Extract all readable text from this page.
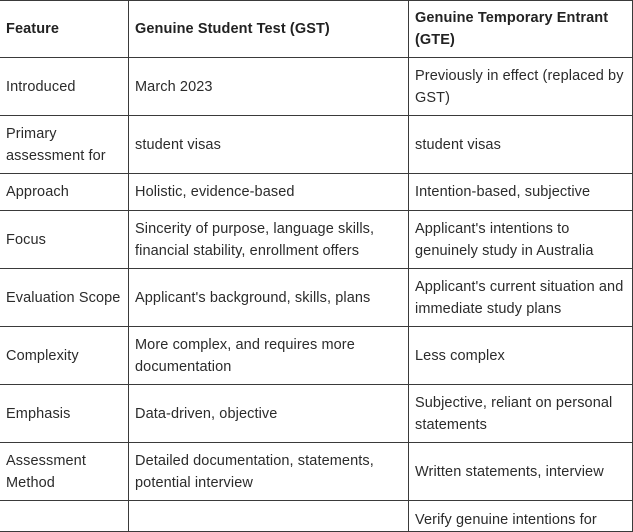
Feature	Genuine Student Test (GST)	Genuine Temporary Entrant (GTE)
Introduced	March 2023	Previously in effect (replaced by GST)
Primary assessment for	student visas	student visas
Approach	Holistic, evidence-based	Intention-based, subjective
Focus	Sincerity of purpose, language skills, financial stability, enrollment offers	Applicant's intentions to genuinely study in Australia
Evaluation Scope	Applicant's background, skills, plans	Applicant's current situation and immediate study plans
Complexity	More complex, and requires more documentation	Less complex
Emphasis	Data-driven, objective	Subjective, reliant on personal statements
Assessment Method	Detailed documentation, statements, potential interview	Written statements, interview
		Verify genuine intentions for
